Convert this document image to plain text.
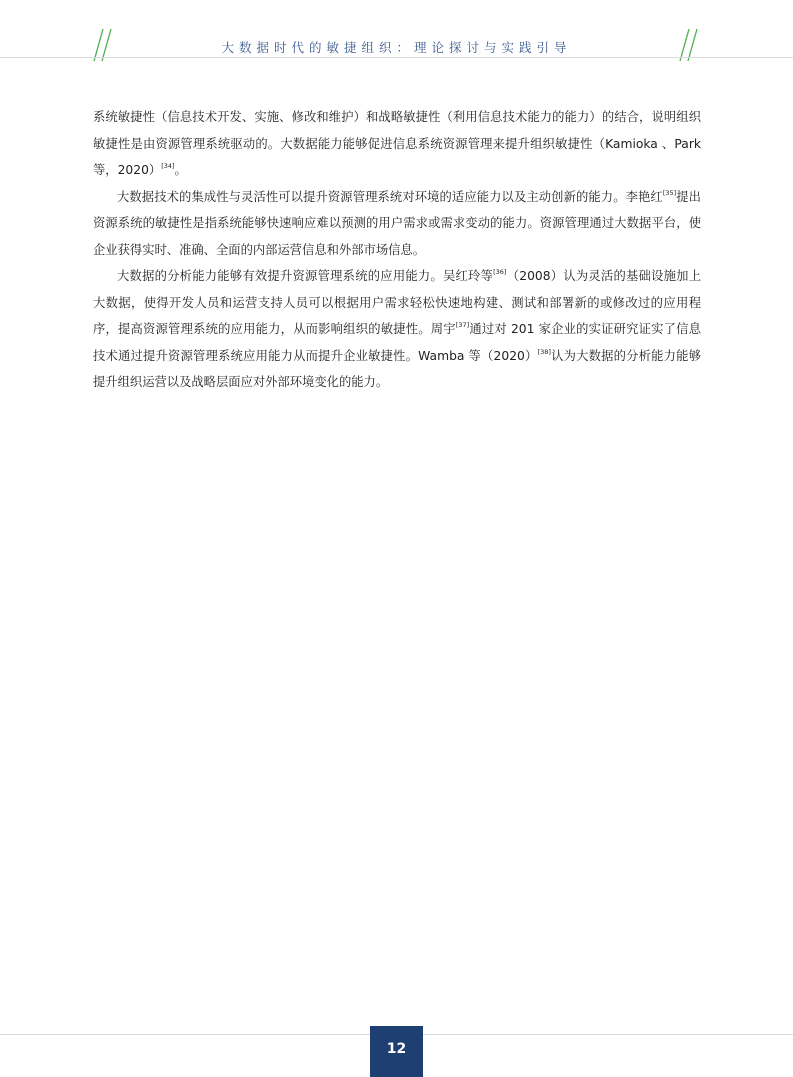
大数据时代的敏捷组织：理论探讨与实践引导

系统敏捷性（信息技术开发、实施、修改和维护）和战略敏捷性（利用信息技术能力的能力）的结合，说明组织敏捷性是由资源管理系统驱动的。大数据能力能够促进信息系统资源管理来提升组织敏捷性（Kamioka 、Park 等，2020）[34]。

大数据技术的集成性与灵活性可以提升资源管理系统对环境的适应能力以及主动创新的能力。李艳红[35]提出资源系统的敏捷性是指系统能够快速响应难以预测的用户需求或需求变动的能力。资源管理通过大数据平台，使企业获得实时、准确、全面的内部运营信息和外部市场信息。

大数据的分析能力能够有效提升资源管理系统的应用能力。吴红玲等[36]（2008）认为灵活的基础设施加上大数据，使得开发人员和运营支持人员可以根据用户需求轻松快速地构建、测试和部署新的或修改过的应用程序，提高资源管理系统的应用能力，从而影响组织的敏捷性。周宇[37]通过对 201 家企业的实证研究证实了信息技术通过提升资源管理系统应用能力从而提升企业敏捷性。Wamba 等（2020）[38]认为大数据的分析能力能够提升组织运营以及战略层面应对外部环境变化的能力。

12
